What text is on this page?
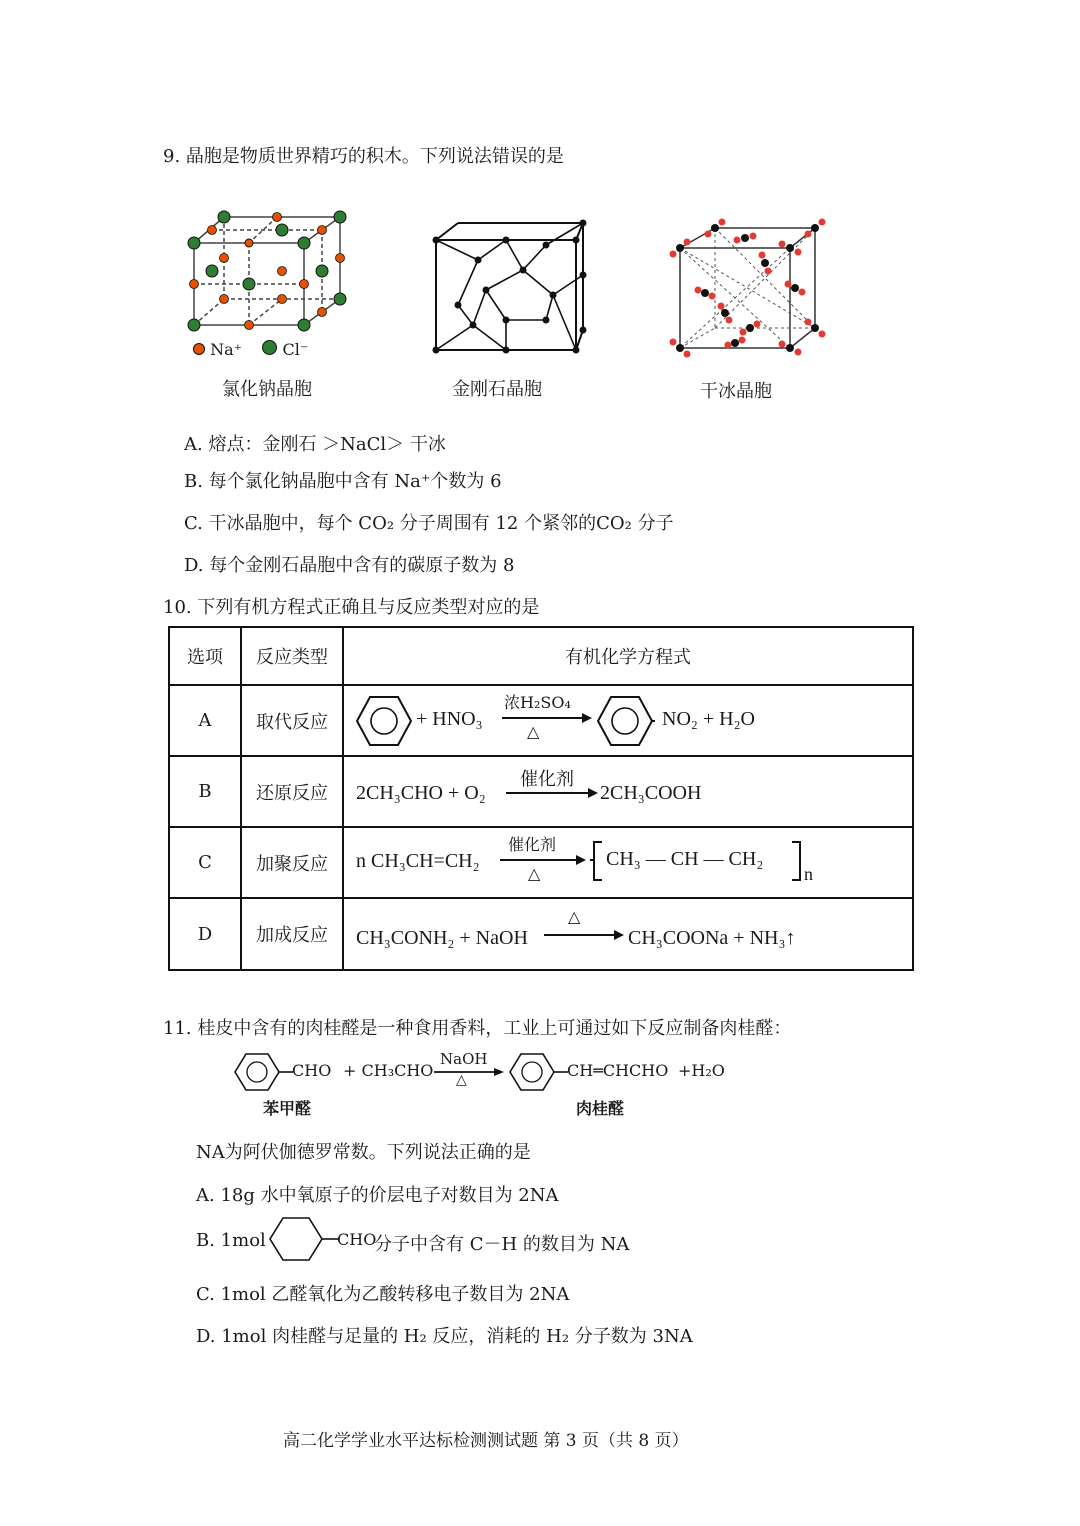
9. 晶胞是物质世界精巧的积木。下列说法错误的是
Na⁺	Cl⁻
氯化钠晶胞	金刚石晶胞	干冰晶胞
A. 熔点：金刚石 ＞NaCl＞ 干冰
B. 每个氯化钠晶胞中含有 Na⁺个数为 6
C. 干冰晶胞中，每个 CO₂ 分子周围有 12 个紧邻的CO₂ 分子
D. 每个金刚石晶胞中含有的碳原子数为 8
10. 下列有机方程式正确且与反应类型对应的是
选项	反应类型	有机化学方程式
A	取代反应	+ HNO₃
浓H₂SO₄
△
NO₂ + H₂O

B	还原反应	2CH₃CHO + O₂
催化剂
2CH₃COOH

C	加聚反应	n CH₃CH=CH₂
催化剂
△
CH₃ — CH — CH₂
n

D	加成反应	CH₃CONH₂ + NaOH
△
CH₃COONa + NH₃↑
11. 桂皮中含有的肉桂醛是一种食用香料，工业上可通过如下反应制备肉桂醛：
CHO + CH₃CHO
NaOH
△	CH═CHCHO +H₂O
苯甲醛	肉桂醛
NA为阿伏伽德罗常数。下列说法正确的是
A. 18g 水中氧原子的价层电子对数目为 2NA
B. 1mol	CHO
分子中含有 C－H 的数目为 NA
C. 1mol 乙醛氧化为乙酸转移电子数目为 2NA
D. 1mol 肉桂醛与足量的 H₂ 反应，消耗的 H₂ 分子数为 3NA
高二化学学业水平达标检测测试题 第 3 页（共 8 页）
